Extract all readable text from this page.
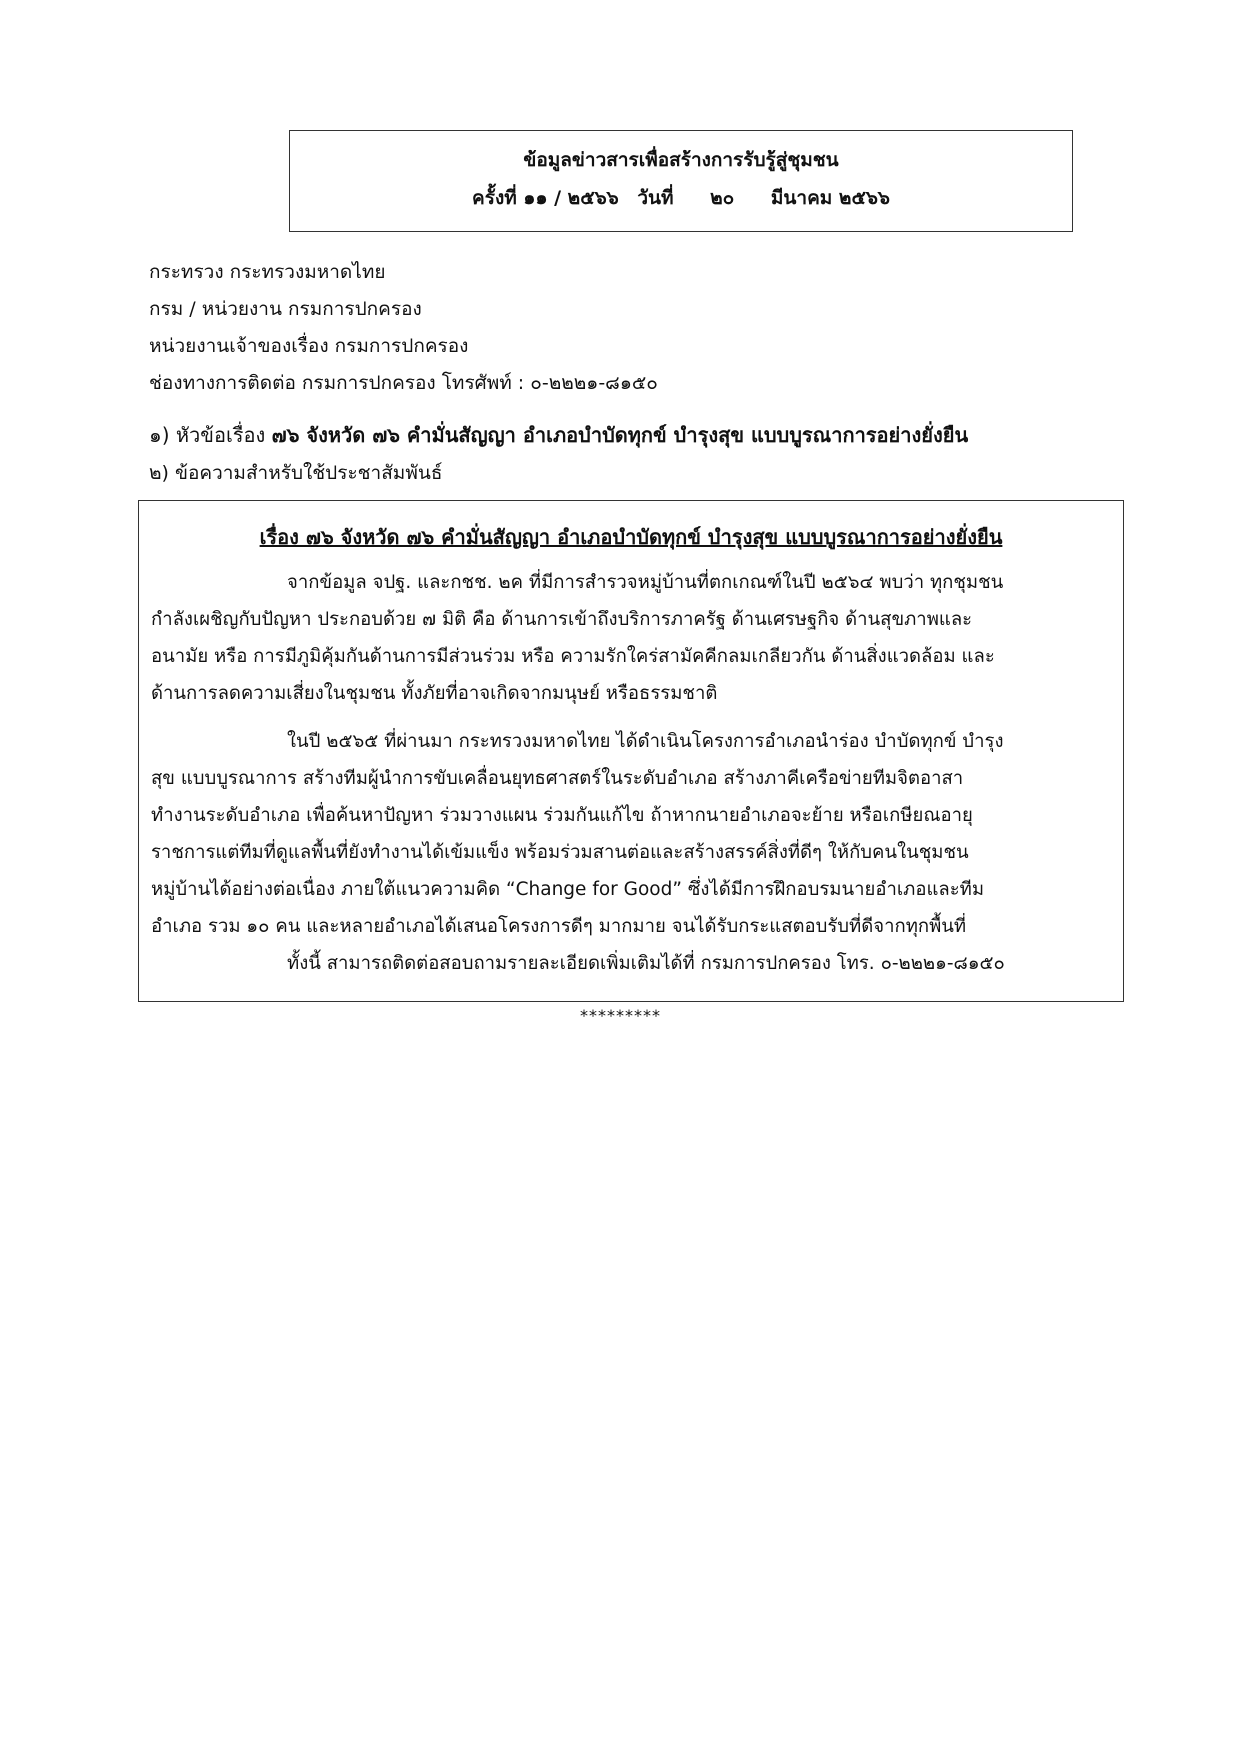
ข้อมูลข่าวสารเพื่อสร้างการรับรู้สู่ชุมชน
ครั้งที่ ๑๑ / ๒๕๖๖ วันที่ ๒๐ มีนาคม ๒๕๖๖
กระทรวง กระทรวงมหาดไทย
กรม / หน่วยงาน กรมการปกครอง
หน่วยงานเจ้าของเรื่อง กรมการปกครอง
ช่องทางการติดต่อ กรมการปกครอง โทรศัพท์ : ๐-๒๒๒๑-๘๑๕๐
๑) หัวข้อเรื่อง ๗๖ จังหวัด ๗๖ คำมั่นสัญญา อำเภอบำบัดทุกข์ บำรุงสุข แบบบูรณาการอย่างยั่งยืน
๒) ข้อความสำหรับใช้ประชาสัมพันธ์
เรื่อง ๗๖ จังหวัด ๗๖ คำมั่นสัญญา อำเภอบำบัดทุกข์ บำรุงสุข แบบบูรณาการอย่างยั่งยืน
จากข้อมูล จปฐ. และกชช. ๒ค ที่มีการสำรวจหมู่บ้านที่ตกเกณฑ์ในปี ๒๕๖๔ พบว่า ทุกชุมชน
กำลังเผชิญกับปัญหา ประกอบด้วย ๗ มิติ คือ ด้านการเข้าถึงบริการภาครัฐ ด้านเศรษฐกิจ ด้านสุขภาพและ
อนามัย หรือ การมีภูมิคุ้มกันด้านการมีส่วนร่วม หรือ ความรักใคร่สามัคคีกลมเกลียวกัน ด้านสิ่งแวดล้อม และ
ด้านการลดความเสี่ยงในชุมชน ทั้งภัยที่อาจเกิดจากมนุษย์ หรือธรรมชาติ
ในปี ๒๕๖๕ ที่ผ่านมา กระทรวงมหาดไทย ได้ดำเนินโครงการอำเภอนำร่อง บำบัดทุกข์ บำรุง
สุข แบบบูรณาการ สร้างทีมผู้นำการขับเคลื่อนยุทธศาสตร์ในระดับอำเภอ สร้างภาคีเครือข่ายทีมจิตอาสา
ทำงานระดับอำเภอ เพื่อค้นหาปัญหา ร่วมวางแผน ร่วมกันแก้ไข ถ้าหากนายอำเภอจะย้าย หรือเกษียณอายุ
ราชการแต่ทีมที่ดูแลพื้นที่ยังทำงานได้เข้มแข็ง พร้อมร่วมสานต่อและสร้างสรรค์สิ่งที่ดีๆ ให้กับคนในชุมชน
หมู่บ้านได้อย่างต่อเนื่อง ภายใต้แนวความคิด “Change for Good” ซึ่งได้มีการฝึกอบรมนายอำเภอและทีม
อำเภอ รวม ๑๐ คน และหลายอำเภอได้เสนอโครงการดีๆ มากมาย จนได้รับกระแสตอบรับที่ดีจากทุกพื้นที่
ทั้งนี้ สามารถติดต่อสอบถามรายละเอียดเพิ่มเติมได้ที่ กรมการปกครอง โทร. ๐-๒๒๒๑-๘๑๕๐
*********
